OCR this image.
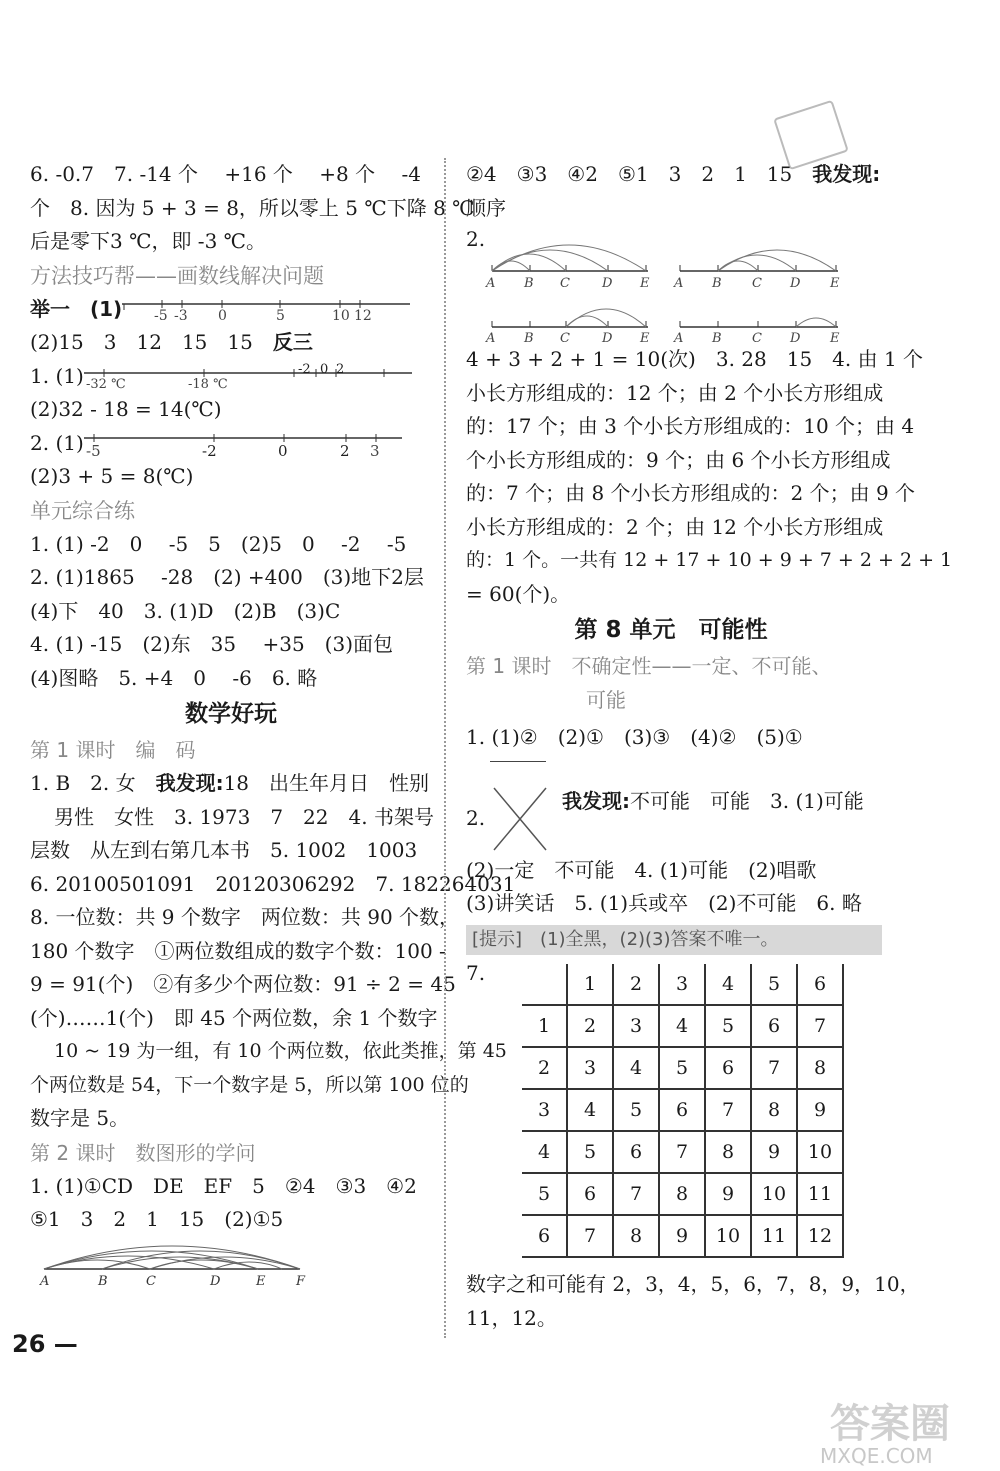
6. -0.7　7. -14 个　 +16 个　 +8 个　 -4
个　8. 因为 5 + 3 = 8，所以零上 5 ℃下降 8 ℃
后是零下3 ℃，即 -3 ℃。
方法技巧帮——画数线解决问题
举一　(1) -5 -3 0	5	10 12
(2)15　3　12　15　15　反三
1. (1) -32 ℃	-18 ℃
-2 0 2
(2)32 - 18 = 14(℃)
2. (1) -5	-2	0	2 3
(2)3 + 5 = 8(℃)
单元综合练
1. (1) -2　0　 -5　5　(2)5　0　 -2　 -5
2. (1)1865　 -28　(2) +400　(3)地下2层
(4)下　40　3. (1)D　(2)B　(3)C
4. (1) -15　(2)东　35　 +35　(3)面包
(4)图略　5. +4　0　 -6　6. 略
数学好玩
第 1 课时　编　码
1. B　2. 女　我发现:18　出生年月日　性别
男性　女性　3. 1973　7　22　4. 书架号
层数　从左到右第几本书　5. 1002　1003
6. 20100501091　20120306292　7. 182264031
8. 一位数：共 9 个数字　两位数：共 90 个数，
180 个数字　①两位数组成的数字个数：100 -
9 = 91(个)　②有多少个两位数：91 ÷ 2 = 45
(个)……1(个)　即 45 个两位数，余 1 个数字
10 ~ 19 为一组，有 10 个两位数，依此类推，第 45
个两位数是 54，下一个数字是 5，所以第 100 位的
数字是 5。
第 2 课时　数图形的学问
1. (1)①CD　DE　EF　5　②4　③3　④2
⑤1　3　2　1　15　(2)①5
A	B	C	D	E F
②4　③3　④2　⑤1　3　2　1　15　我发现:
顺序
2.
A B C D E A B C D E
A B C D E A B C D E
4 + 3 + 2 + 1 = 10(次)　3. 28　15　4. 由 1 个
小长方形组成的：12 个；由 2 个小长方形组成
的：17 个；由 3 个小长方形组成的：10 个；由 4
个小长方形组成的：9 个；由 6 个小长方形组成
的：7 个；由 8 个小长方形组成的：2 个；由 9 个
小长方形组成的：2 个；由 12 个小长方形组成
的：1 个。一共有 12 + 17 + 10 + 9 + 7 + 2 + 2 + 1
= 60(个)。
第 8 单元　可能性
第 1 课时　不确定性——一定、不可能、
可能
1. (1)②　(2)①　(3)③　(4)②　(5)①
2.
我发现:不可能　可能　3. (1)可能
(2)一定　不可能　4. (1)可能　(2)唱歌
(3)讲笑话　5. (1)兵或卒　(2)不可能　6. 略
[提示]　(1)全黑，(2)(3)答案不唯一。
7.
		1	2	3	4	5	6
1	2	3	4	5	6	7
2	3	4	5	6	7	8
3	4	5	6	7	8	9
4	5	6	7	8	9	10
5	6	7	8	9	10	11
6	7	8	9	10	11	12
数字之和可能有 2，3，4，5，6，7，8，9，10，
11，12。
26 —
答案圈
MXQE.COM
